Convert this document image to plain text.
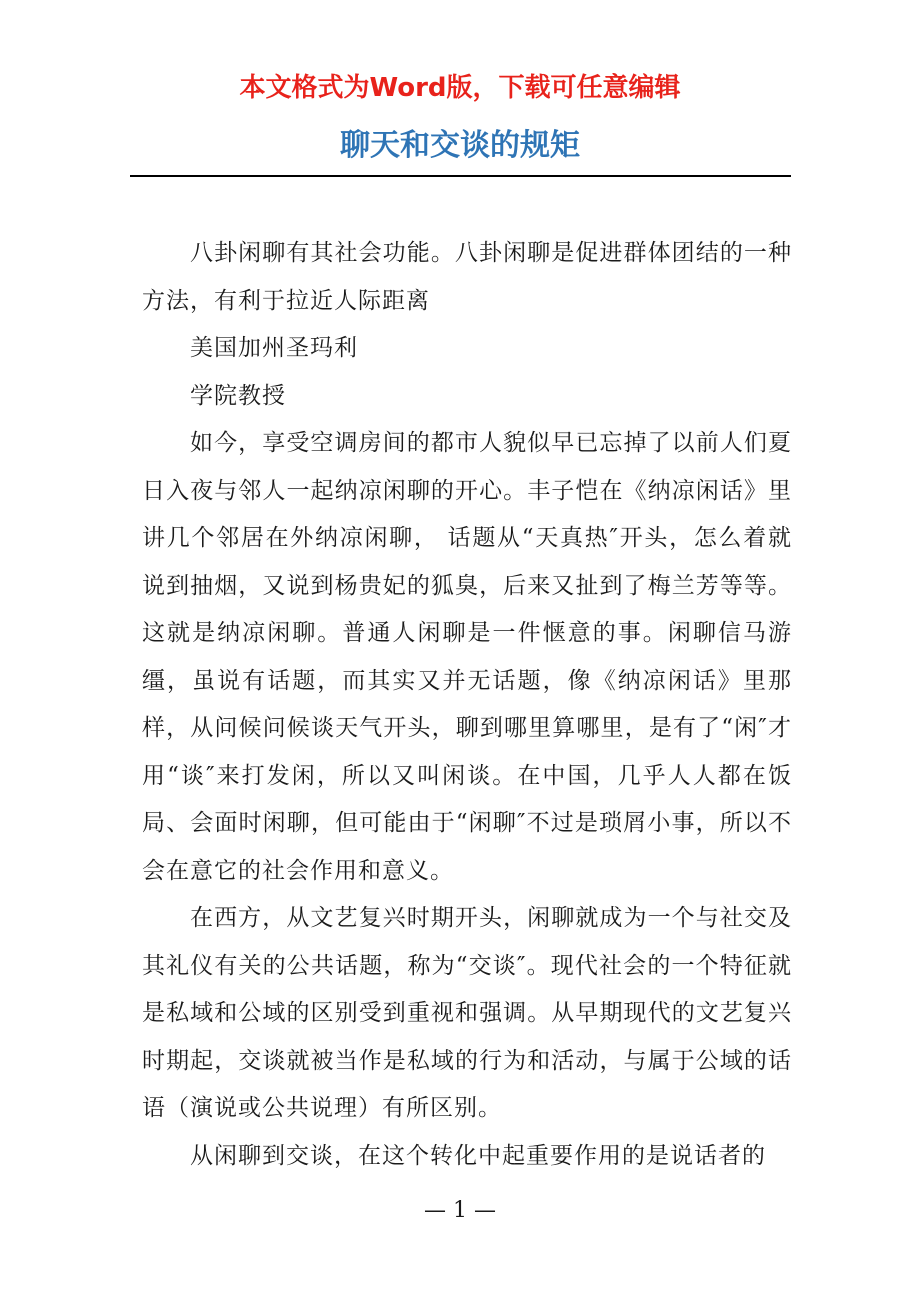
本文格式为Word版，下载可任意编辑
聊天和交谈的规矩

八卦闲聊有其社会功能。八卦闲聊是促进群体团结的一种方法，有利于拉近人际距离

美国加州圣玛利

学院教授

如今，享受空调房间的都市人貌似早已忘掉了以前人们夏日入夜与邻人一起纳凉闲聊的开心。丰子恺在《纳凉闲话》里讲几个邻居在外纳凉闲聊， 话题从“天真热″开头，怎么着就说到抽烟，又说到杨贵妃的狐臭，后来又扯到了梅兰芳等等。这就是纳凉闲聊。普通人闲聊是一件惬意的事。闲聊信马游缰，虽说有话题，而其实又并无话题，像《纳凉闲话》里那样，从问候问候谈天气开头，聊到哪里算哪里，是有了“闲″才用“谈″来打发闲，所以又叫闲谈。在中国，几乎人人都在饭局、会面时闲聊，但可能由于“闲聊″不过是琐屑小事，所以不会在意它的社会作用和意义。

在西方，从文艺复兴时期开头，闲聊就成为一个与社交及其礼仪有关的公共话题，称为“交谈″。现代社会的一个特征就是私域和公域的区别受到重视和强调。从早期现代的文艺复兴时期起，交谈就被当作是私域的行为和活动，与属于公域的话语（演说或公共说理）有所区别。

从闲聊到交谈，在这个转化中起重要作用的是说话者的

— 1 —
